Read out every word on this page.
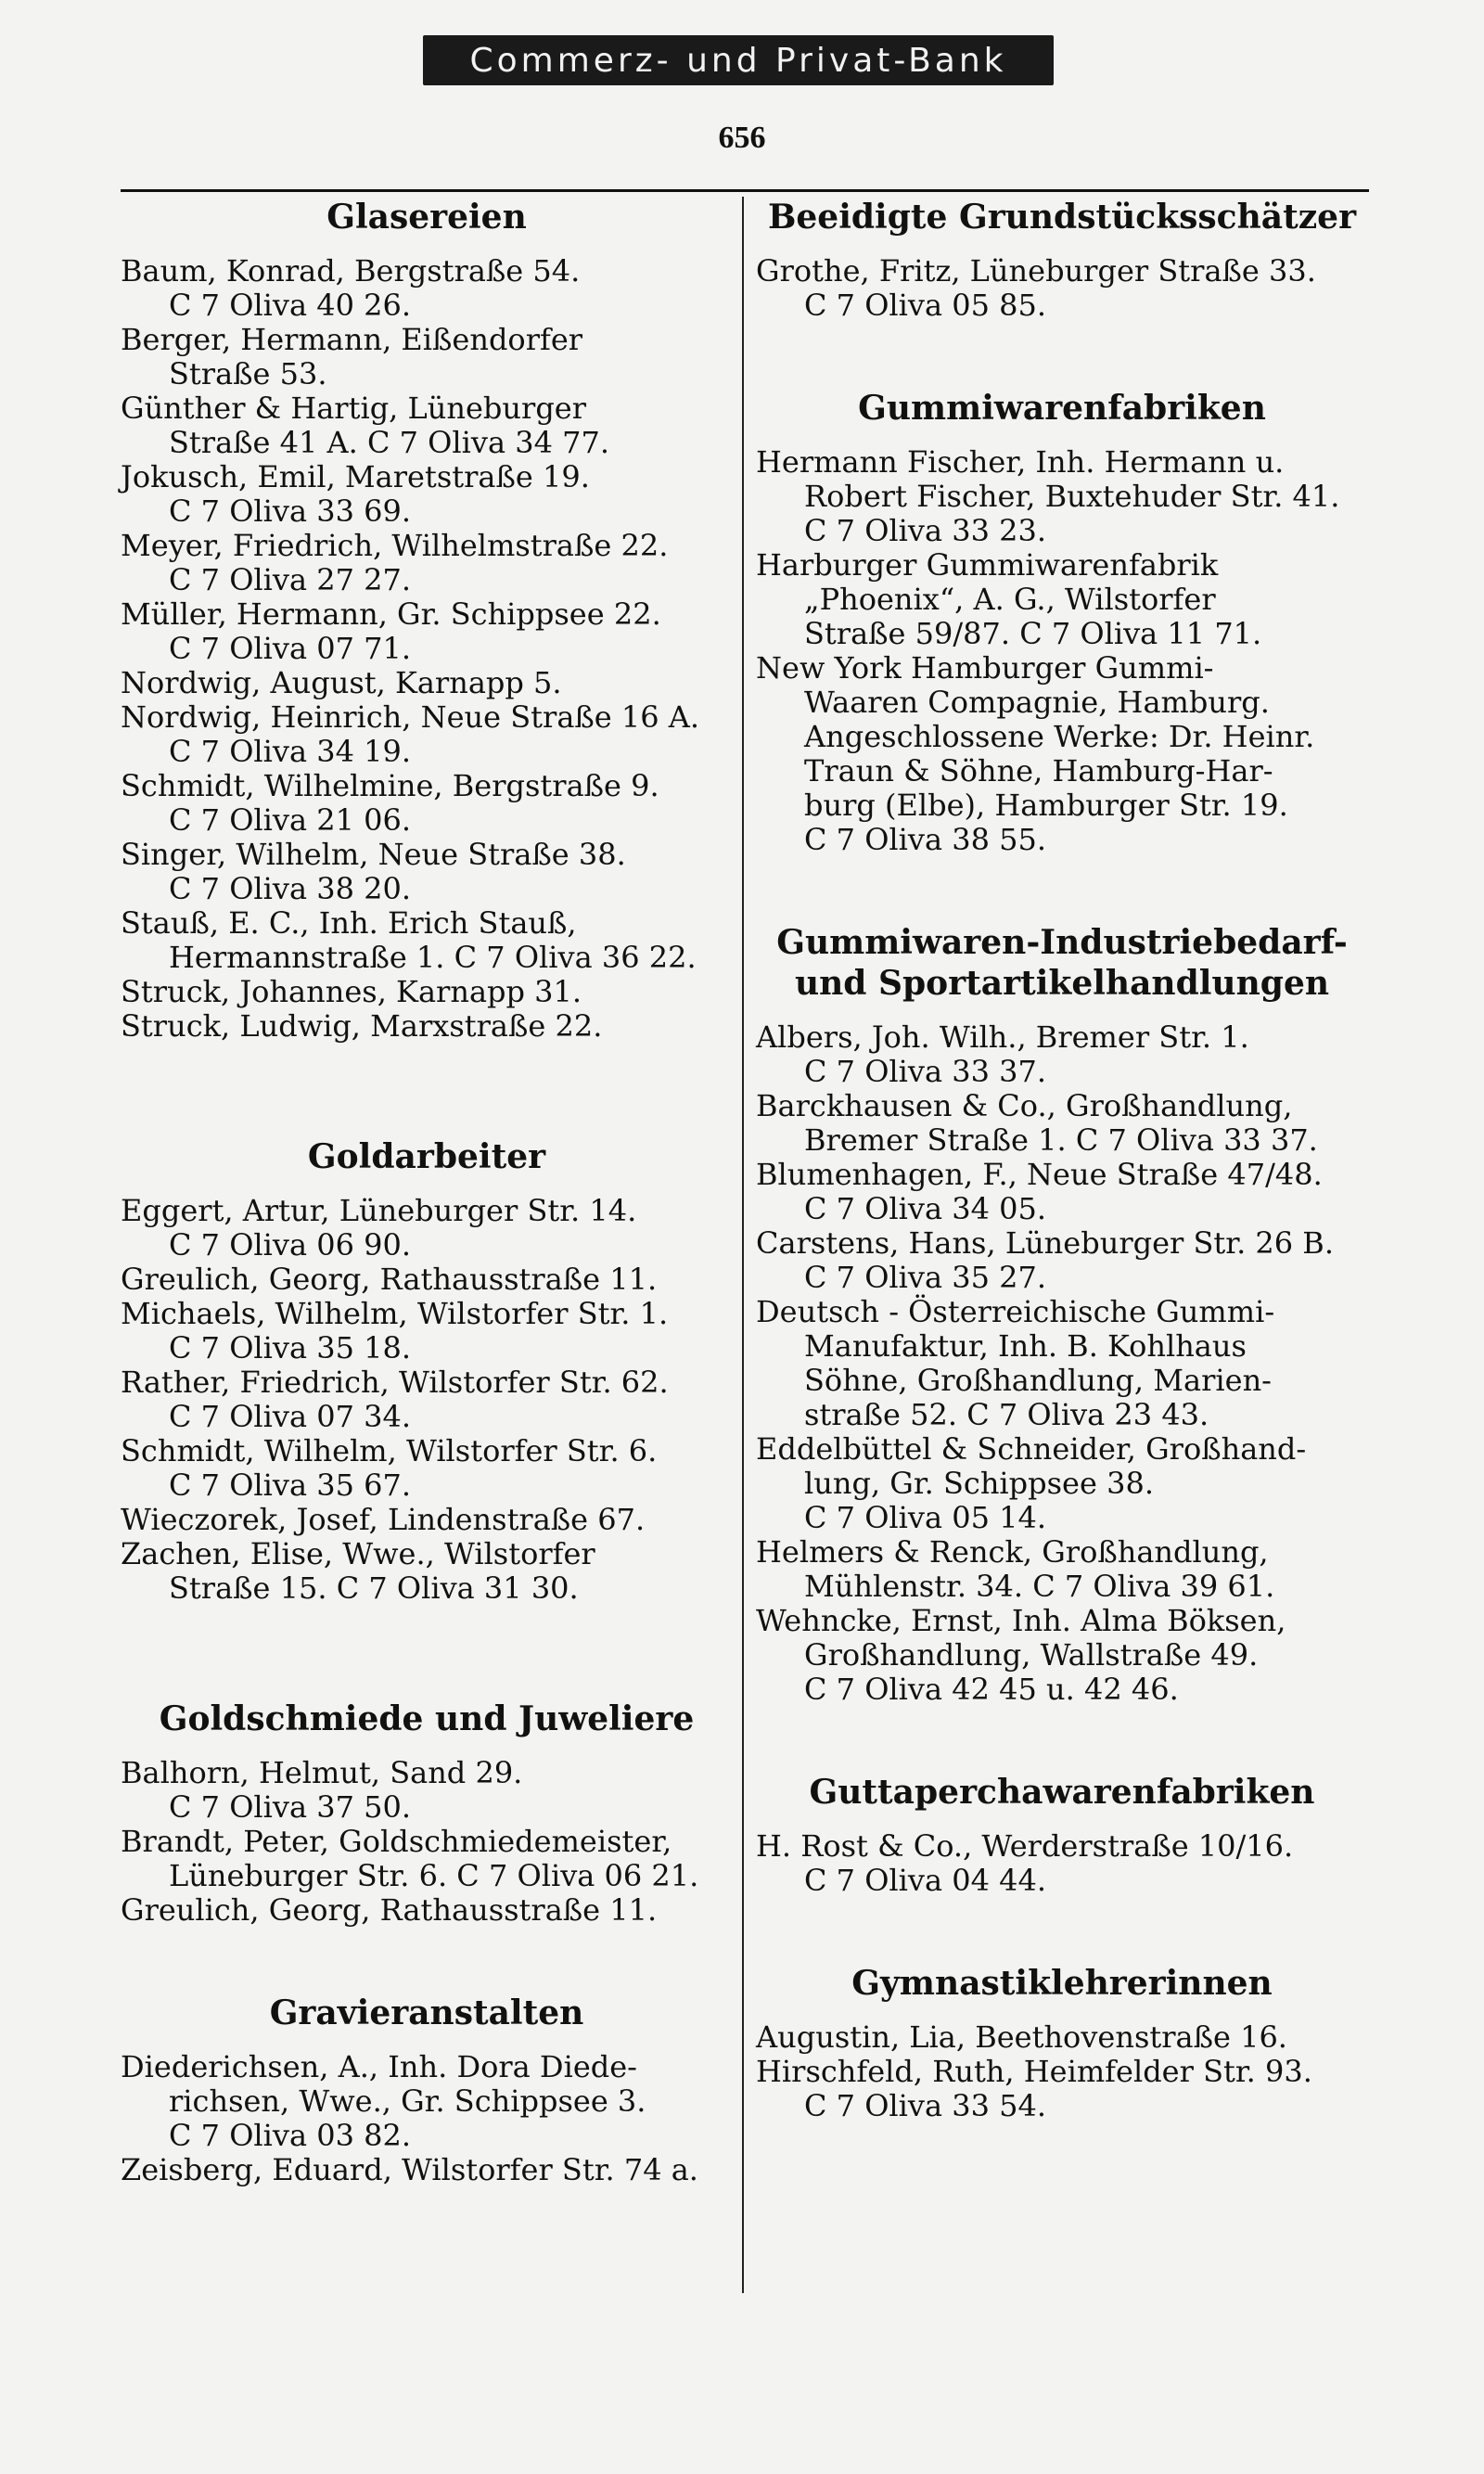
Commerz- und Privat-Bank
656
Glasereien
Baum, Konrad, Bergstraße 54.
C 7 Oliva 40 26.
Berger, Hermann, Eißendorfer
Straße 53.
Günther & Hartig, Lüneburger
Straße 41 A. C 7 Oliva 34 77.
Jokusch, Emil, Maretstraße 19.
C 7 Oliva 33 69.
Meyer, Friedrich, Wilhelmstraße 22.
C 7 Oliva 27 27.
Müller, Hermann, Gr. Schippsee 22.
C 7 Oliva 07 71.
Nordwig, August, Karnapp 5.
Nordwig, Heinrich, Neue Straße 16 A.
C 7 Oliva 34 19.
Schmidt, Wilhelmine, Bergstraße 9.
C 7 Oliva 21 06.
Singer, Wilhelm, Neue Straße 38.
C 7 Oliva 38 20.
Stauß, E. C., Inh. Erich Stauß,
Hermannstraße 1. C 7 Oliva 36 22.
Struck, Johannes, Karnapp 31.
Struck, Ludwig, Marxstraße 22.
Goldarbeiter
Eggert, Artur, Lüneburger Str. 14.
C 7 Oliva 06 90.
Greulich, Georg, Rathausstraße 11.
Michaels, Wilhelm, Wilstorfer Str. 1.
C 7 Oliva 35 18.
Rather, Friedrich, Wilstorfer Str. 62.
C 7 Oliva 07 34.
Schmidt, Wilhelm, Wilstorfer Str. 6.
C 7 Oliva 35 67.
Wieczorek, Josef, Lindenstraße 67.
Zachen, Elise, Wwe., Wilstorfer
Straße 15. C 7 Oliva 31 30.
Goldschmiede und Juweliere
Balhorn, Helmut, Sand 29.
C 7 Oliva 37 50.
Brandt, Peter, Goldschmiedemeister,
Lüneburger Str. 6. C 7 Oliva 06 21.
Greulich, Georg, Rathausstraße 11.
Gravieranstalten
Diederichsen, A., Inh. Dora Diede-
richsen, Wwe., Gr. Schippsee 3.
C 7 Oliva 03 82.
Zeisberg, Eduard, Wilstorfer Str. 74 a.
Beeidigte Grundstücksschätzer
Grothe, Fritz, Lüneburger Straße 33.
C 7 Oliva 05 85.
Gummiwarenfabriken
Hermann Fischer, Inh. Hermann u.
Robert Fischer, Buxtehuder Str. 41.
C 7 Oliva 33 23.
Harburger Gummiwarenfabrik
„Phoenix“, A. G., Wilstorfer
Straße 59/87. C 7 Oliva 11 71.
New York Hamburger Gummi-
Waaren Compagnie, Hamburg.
Angeschlossene Werke: Dr. Heinr.
Traun & Söhne, Hamburg-Har-
burg (Elbe), Hamburger Str. 19.
C 7 Oliva 38 55.
Gummiwaren-Industriebedarf- und Sportartikelhandlungen
Albers, Joh. Wilh., Bremer Str. 1.
C 7 Oliva 33 37.
Barckhausen & Co., Großhandlung,
Bremer Straße 1. C 7 Oliva 33 37.
Blumenhagen, F., Neue Straße 47/48.
C 7 Oliva 34 05.
Carstens, Hans, Lüneburger Str. 26 B.
C 7 Oliva 35 27.
Deutsch - Österreichische Gummi-
Manufaktur, Inh. B. Kohlhaus
Söhne, Großhandlung, Marien-
straße 52. C 7 Oliva 23 43.
Eddelbüttel & Schneider, Großhand-
lung, Gr. Schippsee 38.
C 7 Oliva 05 14.
Helmers & Renck, Großhandlung,
Mühlenstr. 34. C 7 Oliva 39 61.
Wehncke, Ernst, Inh. Alma Böksen,
Großhandlung, Wallstraße 49.
C 7 Oliva 42 45 u. 42 46.
Guttaperchawarenfabriken
H. Rost & Co., Werderstraße 10/16.
C 7 Oliva 04 44.
Gymnastiklehrerinnen
Augustin, Lia, Beethovenstraße 16.
Hirschfeld, Ruth, Heimfelder Str. 93.
C 7 Oliva 33 54.
